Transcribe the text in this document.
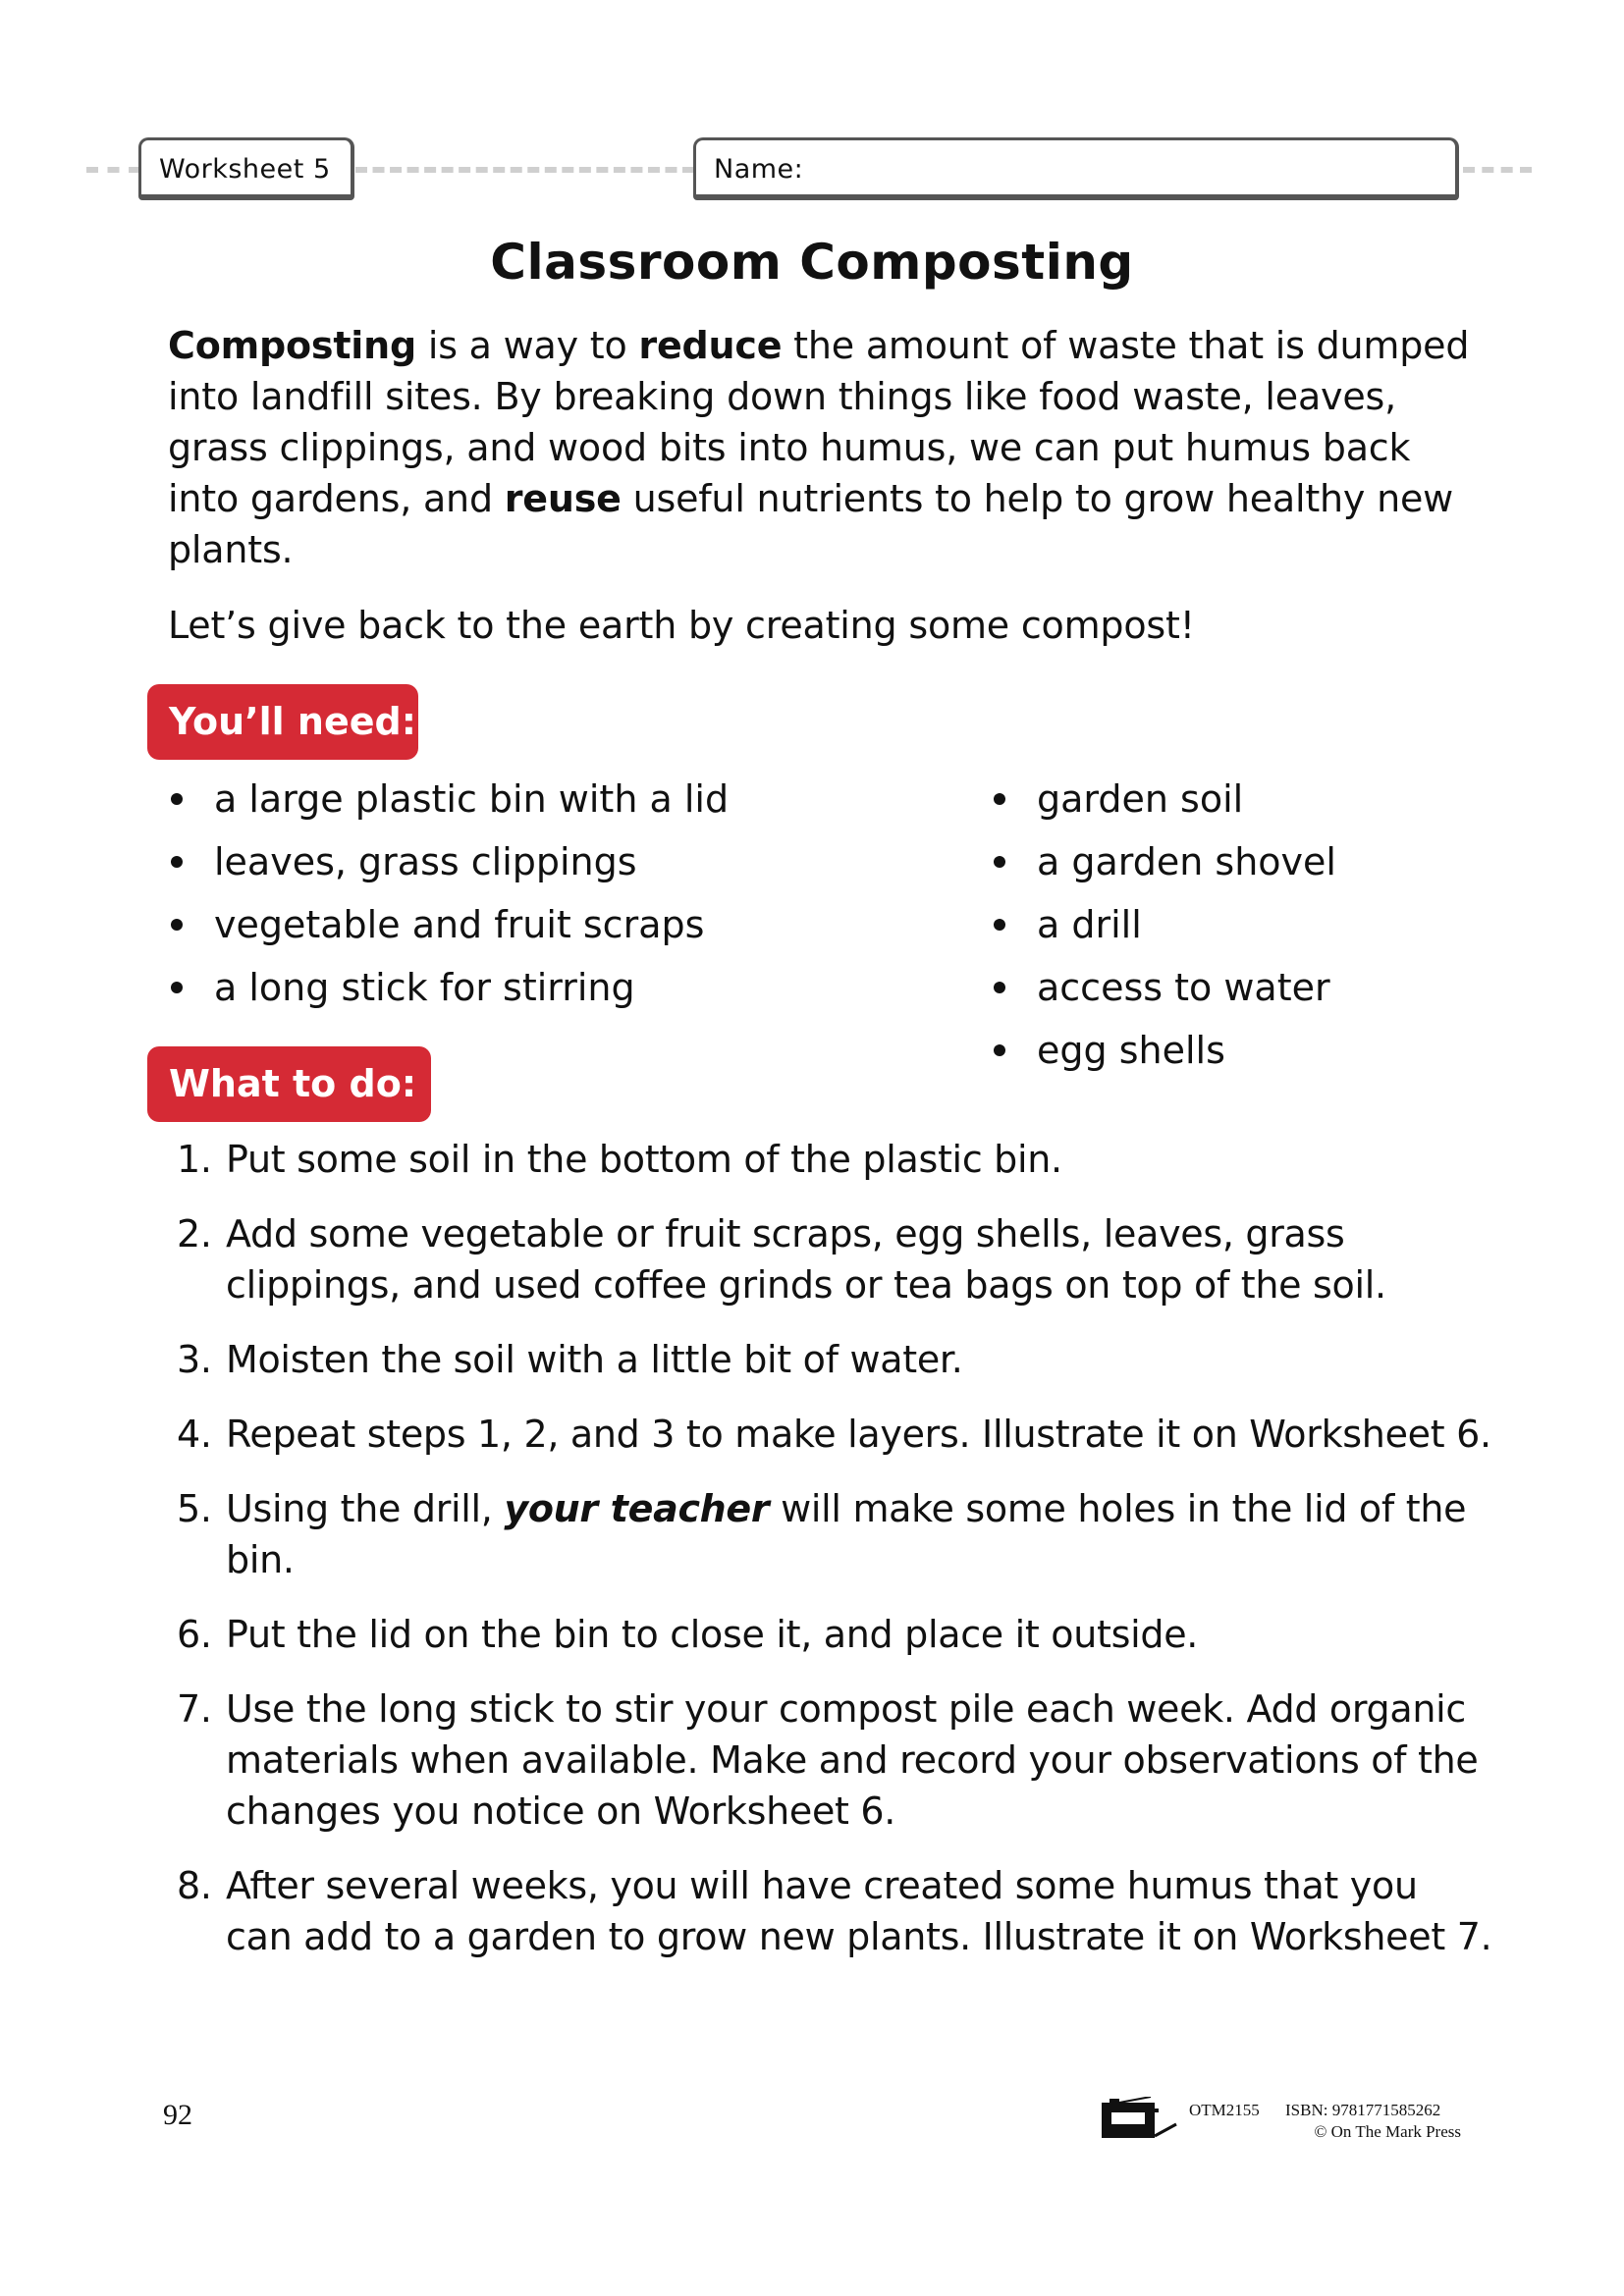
Worksheet 5	Name:
Classroom Composting
Composting is a way to reduce the amount of waste that is dumped into landfill sites. By breaking down things like food waste, leaves, grass clippings, and wood bits into humus, we can put humus back into gardens, and reuse useful nutrients to help to grow healthy new plants.
Let’s give back to the earth by creating some compost!
You’ll need:
a large plastic bin with a lid
leaves, grass clippings
vegetable and fruit scraps
a long stick for stirring
garden soil
a garden shovel
a drill
access to water
egg shells
What to do:
1. Put some soil in the bottom of the plastic bin.
2. Add some vegetable or fruit scraps, egg shells, leaves, grass clippings, and used coffee grinds or tea bags on top of the soil.
3. Moisten the soil with a little bit of water.
4. Repeat steps 1, 2, and 3 to make layers. Illustrate it on Worksheet 6.
5. Using the drill, your teacher will make some holes in the lid of the bin.
6. Put the lid on the bin to close it, and place it outside.
7. Use the long stick to stir your compost pile each week. Add organic materials when available. Make and record your observations of the changes you notice on Worksheet 6.
8. After several weeks, you will have created some humus that you can add to a garden to grow new plants. Illustrate it on Worksheet 7.
92	OTM2155 ISBN: 9781771585262
© On The Mark Press
